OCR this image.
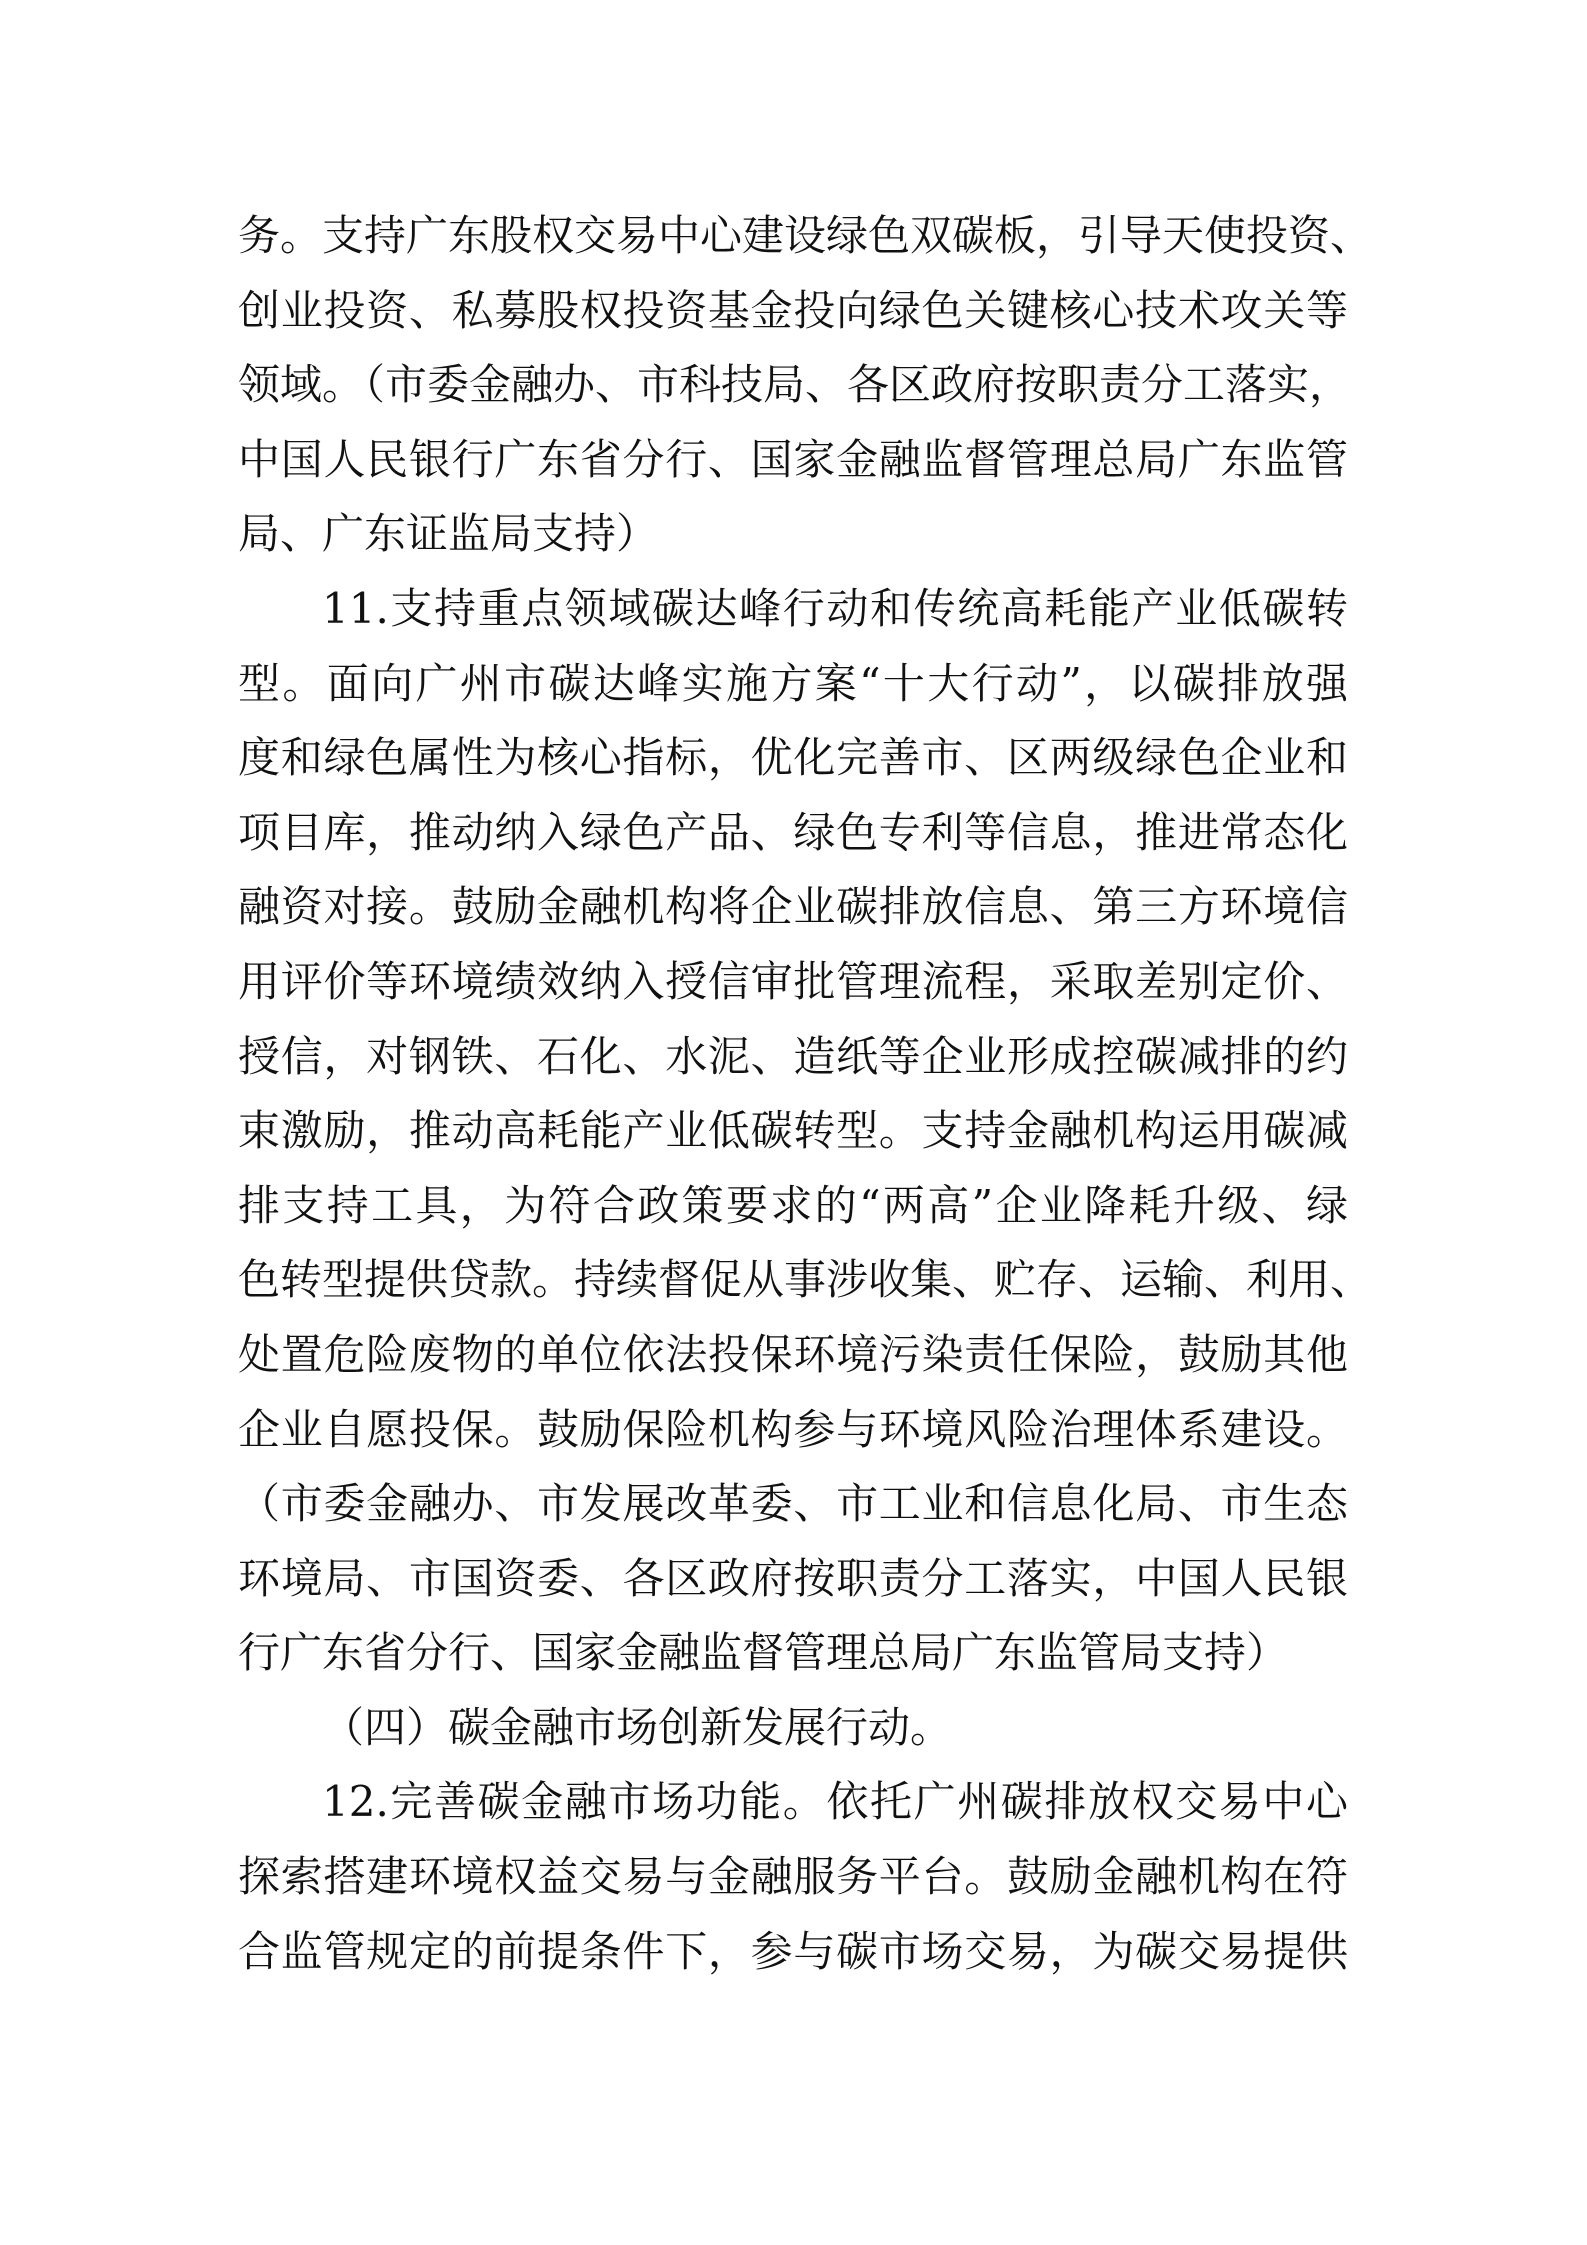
务。支持广东股权交易中心建设绿色双碳板，引导天使投资、
创业投资、私募股权投资基金投向绿色关键核心技术攻关等
领域。（市委金融办、市科技局、各区政府按职责分工落实，
中国人民银行广东省分行、国家金融监督管理总局广东监管
局、广东证监局支持）
11.支持重点领域碳达峰行动和传统高耗能产业低碳转
型。面向广州市碳达峰实施方案“十大行动”，以碳排放强
度和绿色属性为核心指标，优化完善市、区两级绿色企业和
项目库，推动纳入绿色产品、绿色专利等信息，推进常态化
融资对接。鼓励金融机构将企业碳排放信息、第三方环境信
用评价等环境绩效纳入授信审批管理流程，采取差别定价、
授信，对钢铁、石化、水泥、造纸等企业形成控碳减排的约
束激励，推动高耗能产业低碳转型。支持金融机构运用碳减
排支持工具，为符合政策要求的“两高”企业降耗升级、绿
色转型提供贷款。持续督促从事涉收集、贮存、运输、利用、
处置危险废物的单位依法投保环境污染责任保险，鼓励其他
企业自愿投保。鼓励保险机构参与环境风险治理体系建设。
（市委金融办、市发展改革委、市工业和信息化局、市生态
环境局、市国资委、各区政府按职责分工落实，中国人民银
行广东省分行、国家金融监督管理总局广东监管局支持）
（四）碳金融市场创新发展行动。
12.完善碳金融市场功能。依托广州碳排放权交易中心
探索搭建环境权益交易与金融服务平台。鼓励金融机构在符
合监管规定的前提条件下，参与碳市场交易，为碳交易提供
